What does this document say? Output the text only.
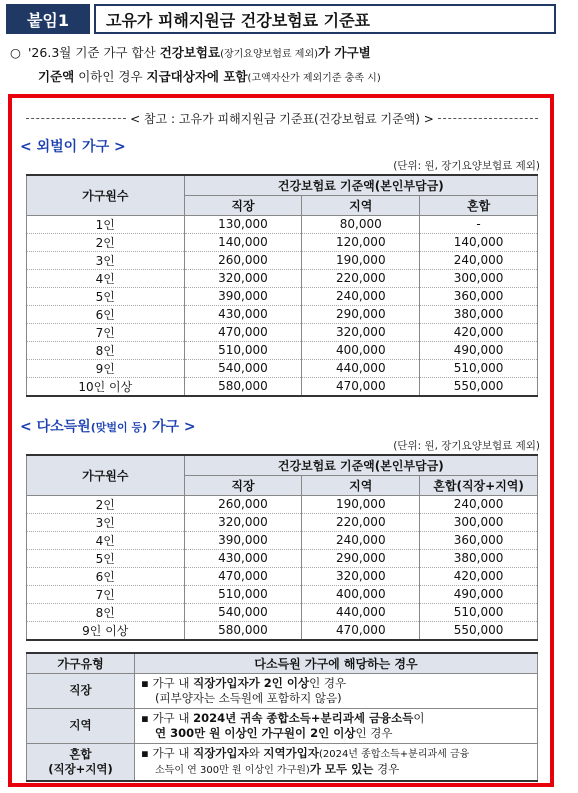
붙임1	고유가 피해지원금 건강보험료 기준표
○ '26.3월 기준 가구 합산 건강보험료(장기요양보험료 제외)가 가구별
기준액 이하인 경우 지급대상자에 포함(고액자산가 제외기준 충족 시)
< 참고 : 고유가 피해지원금 기준표(건강보험료 기준액) >
< 외벌이 가구 >
(단위: 원, 장기요양보험료 제외)
가구원수	건강보험료 기준액(본인부담금)		
	직장	지역	혼합
1인	130,000	80,000	-
2인	140,000	120,000	140,000
3인	260,000	190,000	240,000
4인	320,000	220,000	300,000
5인	390,000	240,000	360,000
6인	430,000	290,000	380,000
7인	470,000	320,000	420,000
8인	510,000	400,000	490,000
9인	540,000	440,000	510,000
10인 이상	580,000	470,000	550,000
< 다소득원(맞벌이 등) 가구 >
(단위: 원, 장기요양보험료 제외)
가구원수	건강보험료 기준액(본인부담금)		
	직장	지역	혼합(직장+지역)
2인	260,000	190,000	240,000
3인	320,000	220,000	300,000
4인	390,000	240,000	360,000
5인	430,000	290,000	380,000
6인	470,000	320,000	420,000
7인	510,000	400,000	490,000
8인	540,000	440,000	510,000
9인 이상	580,000	470,000	550,000
가구유형	다소득원 가구에 해당하는 경우
직장	▪ 가구 내 직장가입자가 2인 이상인 경우
(피부양자는 소득원에 포함하지 않음)

지역	▪ 가구 내 2024년 귀속 종합소득+분리과세 금융소득이
연 300만 원 이상인 가구원이 2인 이상인 경우

혼합
(직장+지역)	▪ 가구 내 직장가입자와 지역가입자(2024년 종합소득+분리과세 금융
소득이 연 300만 원 이상인 가구원)가 모두 있는 경우
